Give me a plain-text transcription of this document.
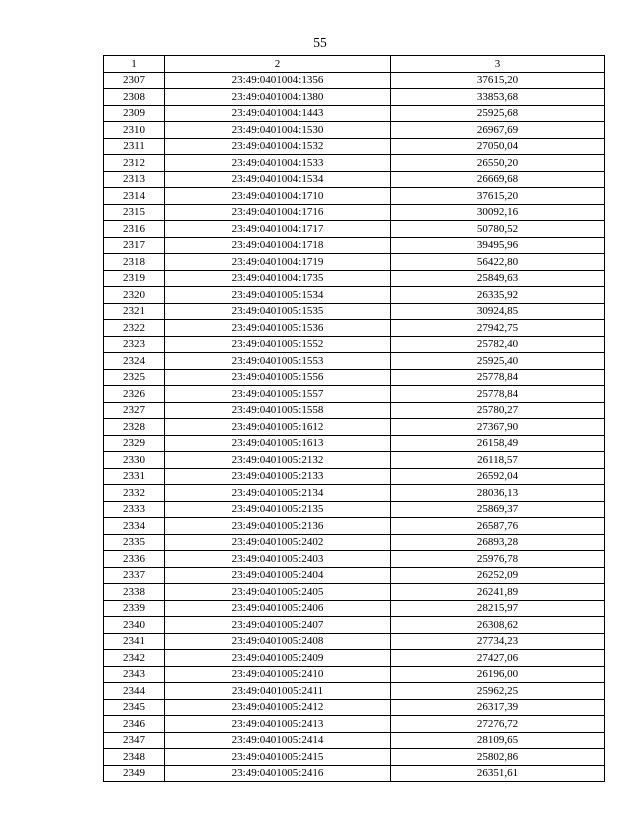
55
1	2	3
2307	23:49:0401004:1356	37615,20
2308	23:49:0401004:1380	33853,68
2309	23:49:0401004:1443	25925,68
2310	23:49:0401004:1530	26967,69
2311	23:49:0401004:1532	27050,04
2312	23:49:0401004:1533	26550,20
2313	23:49:0401004:1534	26669,68
2314	23:49:0401004:1710	37615,20
2315	23:49:0401004:1716	30092,16
2316	23:49:0401004:1717	50780,52
2317	23:49:0401004:1718	39495,96
2318	23:49:0401004:1719	56422,80
2319	23:49:0401004:1735	25849,63
2320	23:49:0401005:1534	26335,92
2321	23:49:0401005:1535	30924,85
2322	23:49:0401005:1536	27942,75
2323	23:49:0401005:1552	25782,40
2324	23:49:0401005:1553	25925,40
2325	23:49:0401005:1556	25778,84
2326	23:49:0401005:1557	25778,84
2327	23:49:0401005:1558	25780,27
2328	23:49:0401005:1612	27367,90
2329	23:49:0401005:1613	26158,49
2330	23:49:0401005:2132	26118,57
2331	23:49:0401005:2133	26592,04
2332	23:49:0401005:2134	28036,13
2333	23:49:0401005:2135	25869,37
2334	23:49:0401005:2136	26587,76
2335	23:49:0401005:2402	26893,28
2336	23:49:0401005:2403	25976,78
2337	23:49:0401005:2404	26252,09
2338	23:49:0401005:2405	26241,89
2339	23:49:0401005:2406	28215,97
2340	23:49:0401005:2407	26308,62
2341	23:49:0401005:2408	27734,23
2342	23:49:0401005:2409	27427,06
2343	23:49:0401005:2410	26196,00
2344	23:49:0401005:2411	25962,25
2345	23:49:0401005:2412	26317,39
2346	23:49:0401005:2413	27276,72
2347	23:49:0401005:2414	28109,65
2348	23:49:0401005:2415	25802,86
2349	23:49:0401005:2416	26351,61
